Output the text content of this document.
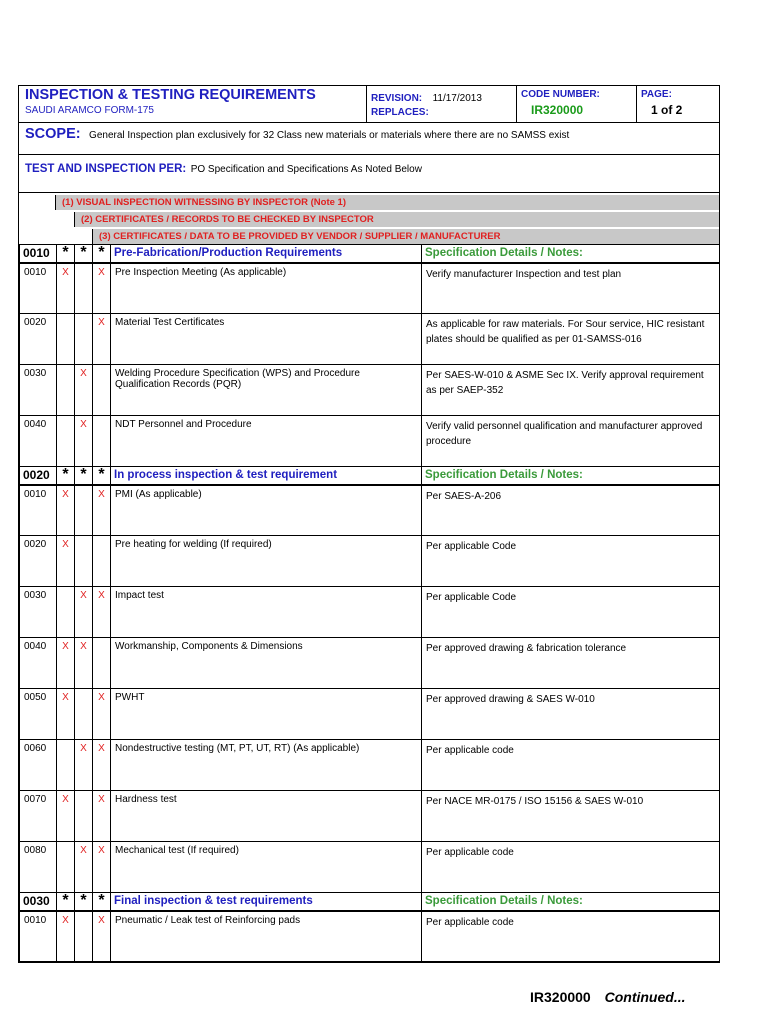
INSPECTION & TESTING REQUIREMENTS
SAUDI ARAMCO FORM-175
REVISION: 11/17/2013
REPLACES:
CODE NUMBER:
IR320000
PAGE:
1 of 2
SCOPE: General Inspection plan exclusively for 32 Class new materials or materials where there are no SAMSS exist
TEST AND INSPECTION PER: PO Specification and Specifications As Noted Below
(1) VISUAL INSPECTION WITNESSING BY INSPECTOR (Note 1)
(2) CERTIFICATES / RECORDS TO BE CHECKED BY INSPECTOR
(3) CERTIFICATES / DATA TO BE PROVIDED BY VENDOR / SUPPLIER / MANUFACTURER
0010	*	*	*	Pre-Fabrication/Production Requirements	Specification Details / Notes:
0010	X		X	Pre Inspection Meeting (As applicable)	Verify manufacturer Inspection and test plan
0020			X	Material Test Certificates	As applicable for raw materials. For Sour service, HIC resistant plates should be qualified as per 01-SAMSS-016
0030		X		Welding Procedure Specification (WPS) and Procedure Qualification Records (PQR)	Per SAES-W-010 & ASME Sec IX. Verify approval requirement as per SAEP-352
0040		X		NDT Personnel and Procedure	Verify valid personnel qualification and manufacturer approved procedure
0020	*	*	*	In process inspection & test requirement	Specification Details / Notes:
0010	X		X	PMI (As applicable)	Per SAES-A-206
0020	X			Pre heating for welding (If required)	Per applicable Code
0030		X	X	Impact test	Per applicable Code
0040	X	X		Workmanship, Components & Dimensions	Per approved drawing & fabrication tolerance
0050	X		X	PWHT	Per approved drawing & SAES W-010
0060		X	X	Nondestructive testing (MT, PT, UT, RT) (As applicable)	Per applicable code
0070	X		X	Hardness test	Per NACE MR-0175 / ISO 15156 & SAES W-010
0080		X	X	Mechanical test (If required)	Per applicable code
0030	*	*	*	Final inspection & test requirements	Specification Details / Notes:
0010	X		X	Pneumatic / Leak test of Reinforcing pads	Per applicable code
IR320000 Continued...
